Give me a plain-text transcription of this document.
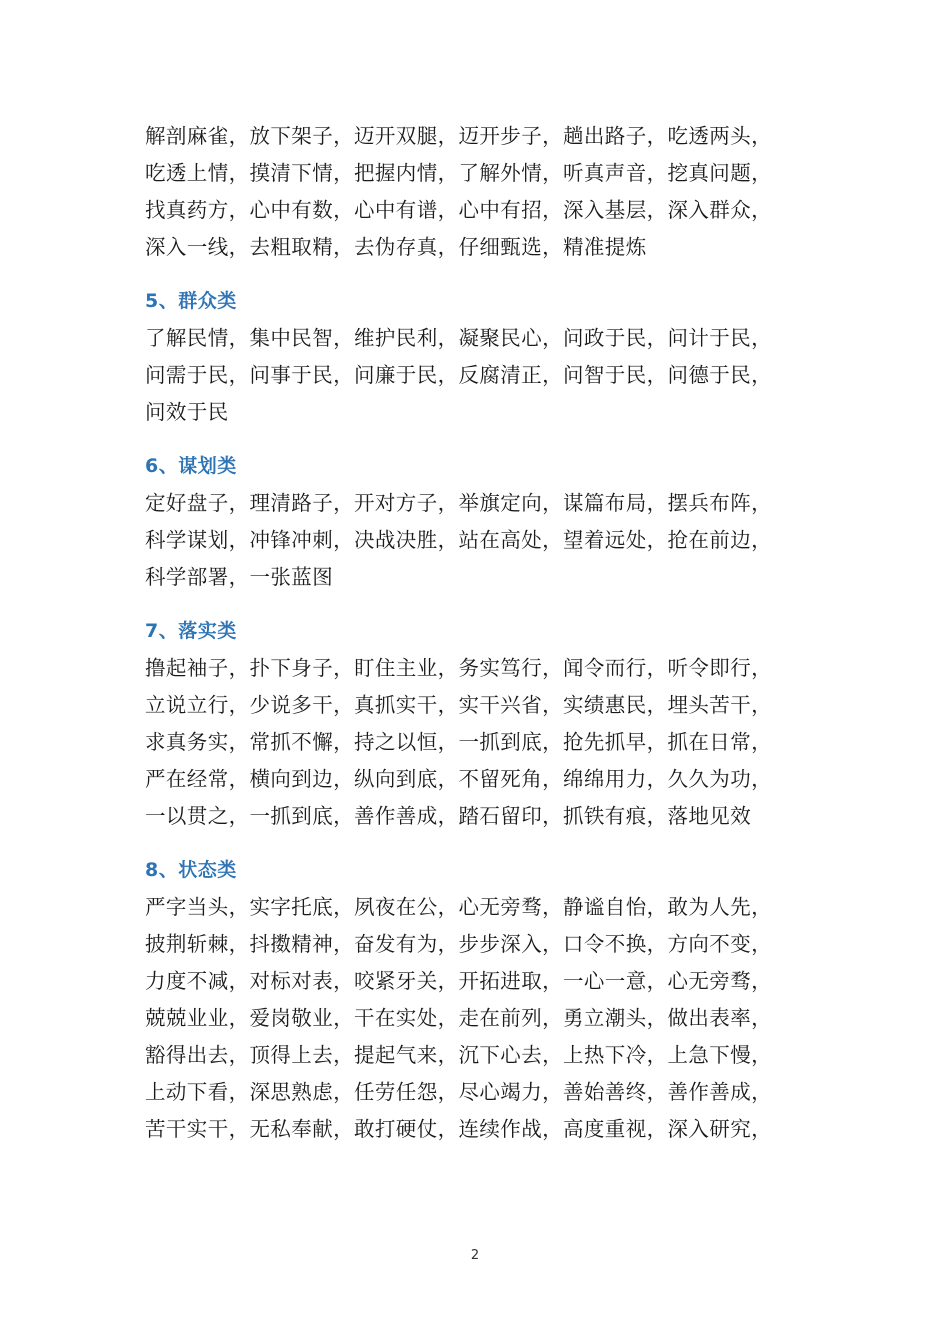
解剖麻雀，放下架子，迈开双腿，迈开步子，趟出路子，吃透两头，
吃透上情，摸清下情，把握内情，了解外情，听真声音，挖真问题，
找真药方，心中有数，心中有谱，心中有招，深入基层，深入群众，
深入一线，去粗取精，去伪存真，仔细甄选，精准提炼
5、群众类
了解民情，集中民智，维护民利，凝聚民心，问政于民，问计于民，
问需于民，问事于民，问廉于民，反腐清正，问智于民，问德于民，
问效于民
6、谋划类
定好盘子，理清路子，开对方子，举旗定向，谋篇布局，摆兵布阵，
科学谋划，冲锋冲刺，决战决胜，站在高处，望着远处，抢在前边，
科学部署，一张蓝图
7、落实类
撸起袖子，扑下身子，盯住主业，务实笃行，闻令而行，听令即行，
立说立行，少说多干，真抓实干，实干兴省，实绩惠民，埋头苦干，
求真务实，常抓不懈，持之以恒，一抓到底，抢先抓早，抓在日常，
严在经常，横向到边，纵向到底，不留死角，绵绵用力，久久为功，
一以贯之，一抓到底，善作善成，踏石留印，抓铁有痕，落地见效
8、状态类
严字当头，实字托底，夙夜在公，心无旁骛，静谧自怡，敢为人先，
披荆斩棘，抖擞精神，奋发有为，步步深入，口令不换，方向不变，
力度不减，对标对表，咬紧牙关，开拓进取，一心一意，心无旁骛，
兢兢业业，爱岗敬业，干在实处，走在前列，勇立潮头，做出表率，
豁得出去，顶得上去，提起气来，沉下心去，上热下冷，上急下慢，
上动下看，深思熟虑，任劳任怨，尽心竭力，善始善终，善作善成，
苦干实干，无私奉献，敢打硬仗，连续作战，高度重视，深入研究，
2
